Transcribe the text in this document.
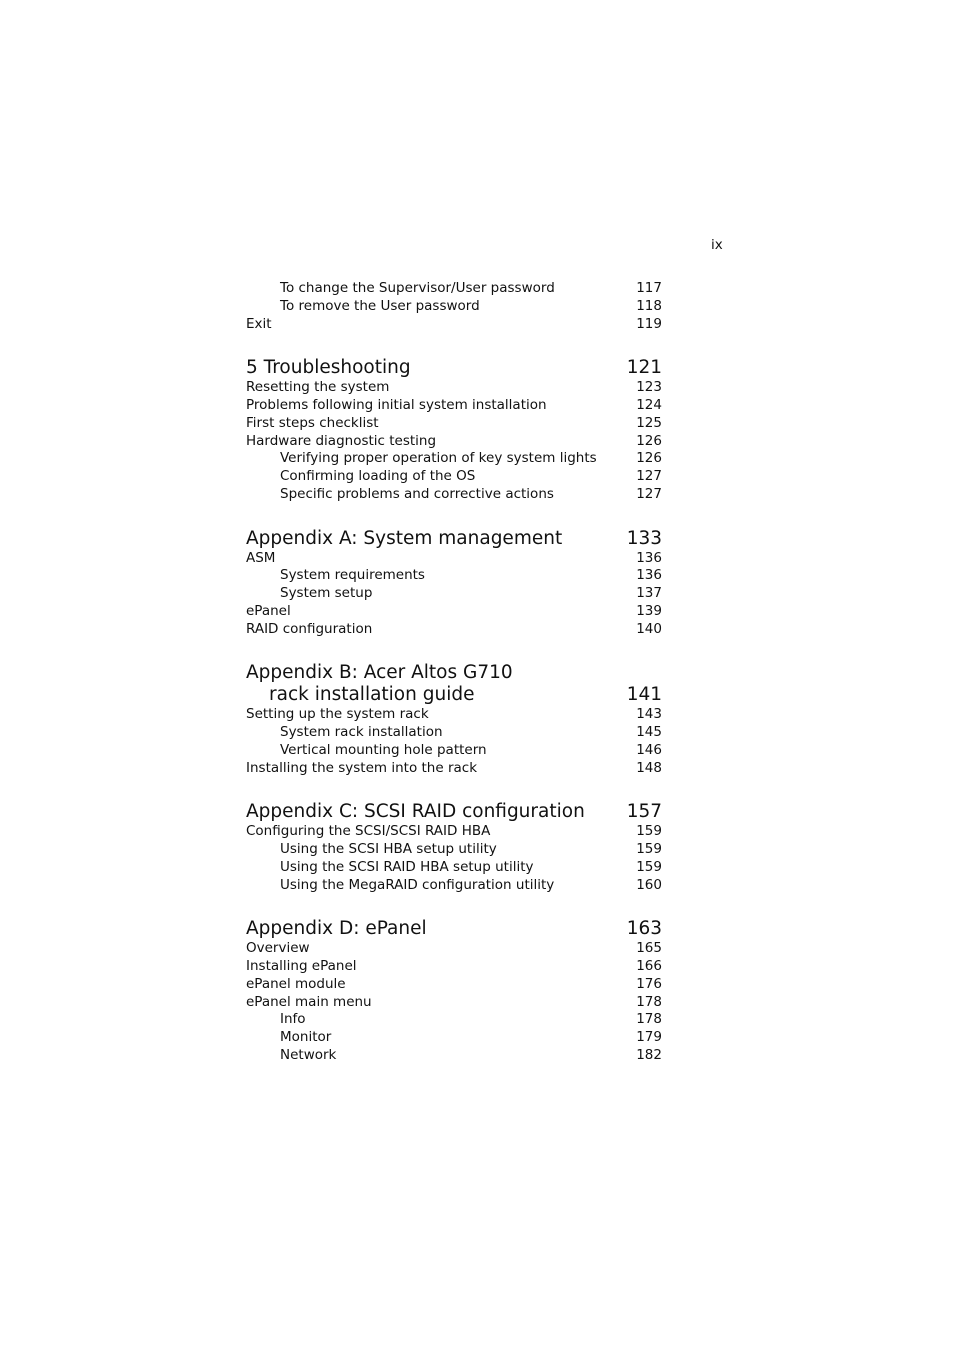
ix
To change the Supervisor/User password	117
To remove the User password	118
Exit	119
5 Troubleshooting	121
Resetting the system	123
Problems following initial system installation	124
First steps checklist	125
Hardware diagnostic testing	126
Verifying proper operation of key system lights	126
Confirming loading of the OS	127
Specific problems and corrective actions	127
Appendix A: System management	133
ASM	136
System requirements	136
System setup	137
ePanel	139
RAID configuration	140
Appendix B: Acer Altos G710
rack installation guide	141
Setting up the system rack	143
System rack installation	145
Vertical mounting hole pattern	146
Installing the system into the rack	148
Appendix C: SCSI RAID configuration 157
Configuring the SCSI/SCSI RAID HBA	159
Using the SCSI HBA setup utility	159
Using the SCSI RAID HBA setup utility	159
Using the MegaRAID configuration utility	160
Appendix D: ePanel	163
Overview	165
Installing ePanel	166
ePanel module	176
ePanel main menu	178
Info	178
Monitor	179
Network	182
